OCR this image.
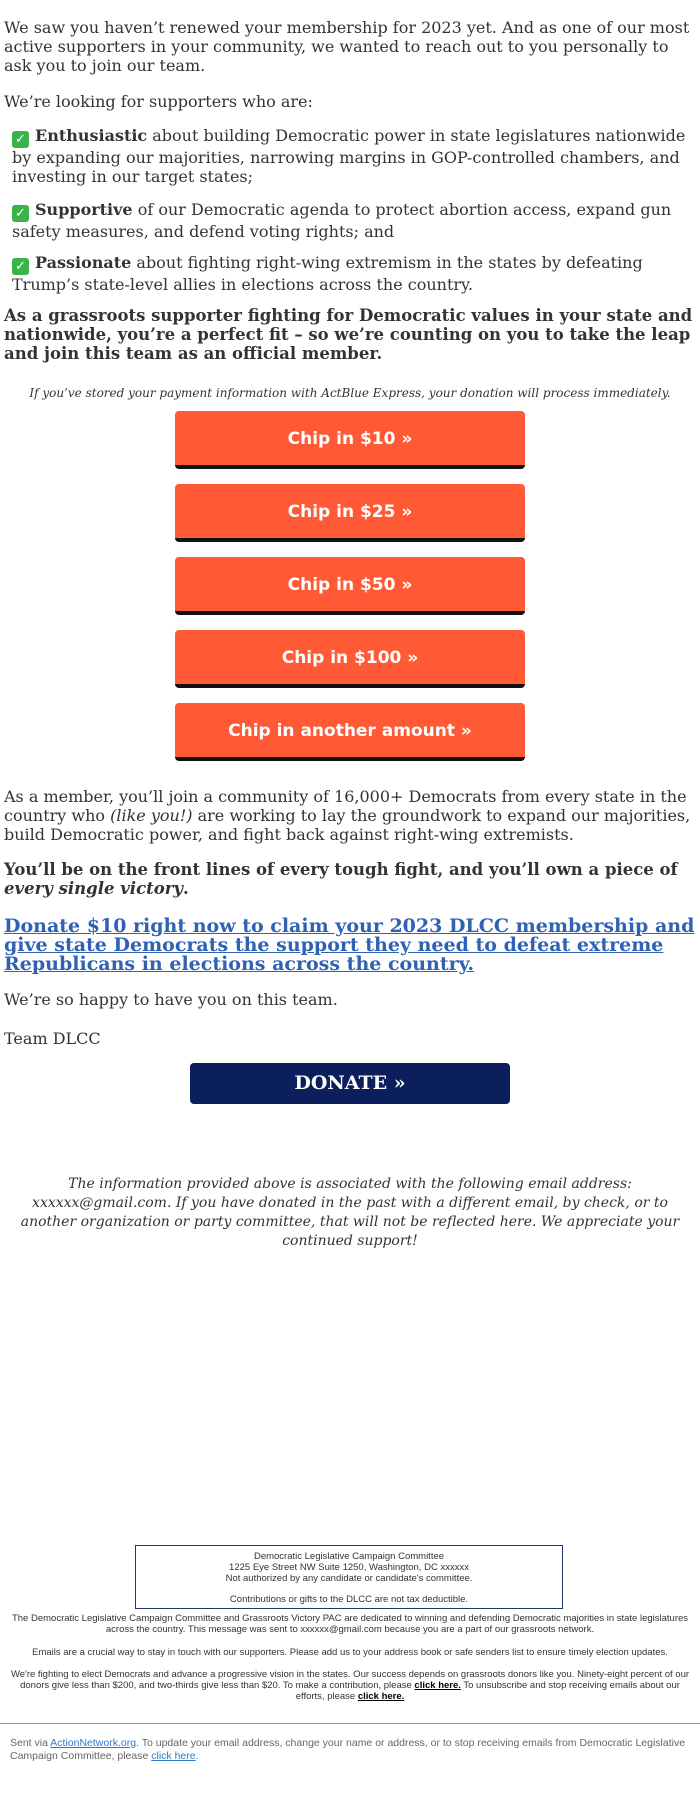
We saw you haven’t renewed your membership for 2023 yet. And as one of our most active supporters in your community, we wanted to reach out to you personally to ask you to join our team.

We’re looking for supporters who are:

✓ Enthusiastic about building Democratic power in state legislatures nationwide by expanding our majorities, narrowing margins in GOP-controlled chambers, and investing in our target states;

✓ Supportive of our Democratic agenda to protect abortion access, expand gun safety measures, and defend voting rights; and

✓ Passionate about fighting right-wing extremism in the states by defeating Trump’s state-level allies in elections across the country.

As a grassroots supporter fighting for Democratic values in your state and nationwide, you’re a perfect fit – so we’re counting on you to take the leap and join this team as an official member.

If you’ve stored your payment information with ActBlue Express, your donation will process immediately.

Chip in $10 »
Chip in $25 »
Chip in $50 »
Chip in $100 »
Chip in another amount »

As a member, you’ll join a community of 16,000+ Democrats from every state in the country who (like you!) are working to lay the groundwork to expand our majorities, build Democratic power, and fight back against right-wing extremists.

You’ll be on the front lines of every tough fight, and you’ll own a piece of every single victory.

Donate $10 right now to claim your 2023 DLCC membership and give state Democrats the support they need to defeat extreme Republicans in elections across the country.

We’re so happy to have you on this team.

Team DLCC

DONATE »

The information provided above is associated with the following email address: xxxxxx@gmail.com. If you have donated in the past with a different email, by check, or to another organization or party committee, that will not be reflected here. We appreciate your continued support!

Democratic Legislative Campaign Committee
1225 Eye Street NW Suite 1250, Washington, DC xxxxxx
Not authorized by any candidate or candidate's committee.
Contributions or gifts to the DLCC are not tax deductible.

The Democratic Legislative Campaign Committee and Grassroots Victory PAC are dedicated to winning and defending Democratic majorities in state legislatures across the country. This message was sent to xxxxxx@gmail.com because you are a part of our grassroots network.

Emails are a crucial way to stay in touch with our supporters. Please add us to your address book or safe senders list to ensure timely election updates.

We're fighting to elect Democrats and advance a progressive vision in the states. Our success depends on grassroots donors like you. Ninety-eight percent of our donors give less than $200, and two-thirds give less than $20. To make a contribution, please click here. To unsubscribe and stop receiving emails about our efforts, please click here.

Sent via ActionNetwork.org. To update your email address, change your name or address, or to stop receiving emails from Democratic Legislative Campaign Committee, please click here.
